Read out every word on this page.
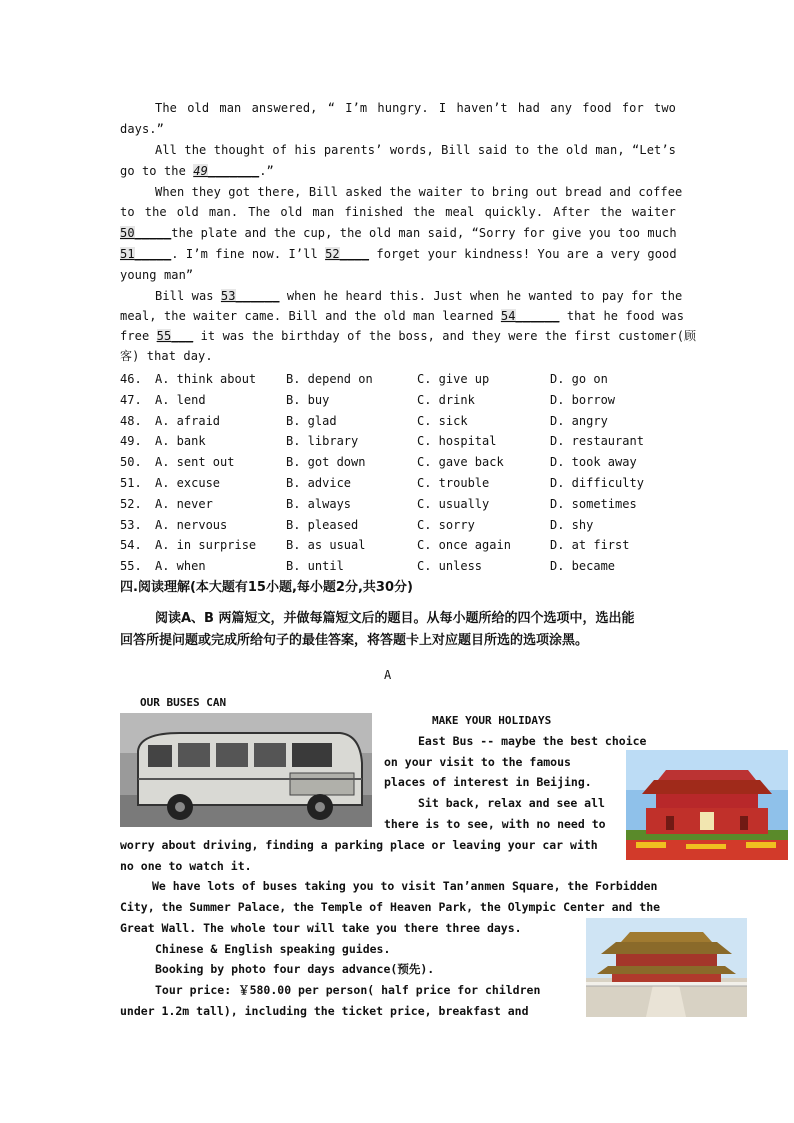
The old man answered, “ I’m hungry. I haven’t had any food for two
days.”
All the thought of his parents’ words, Bill said to the old man, “Let’s
go to the 49_______.”
When they got there, Bill asked the waiter to bring out bread and coffee
to the old man. The old man finished the meal quickly. After the waiter
50_____the plate and the cup, the old man said, “Sorry for give you too much
51_____. I’m fine now. I’ll 52____ forget your kindness! You are a very good
young man”
Bill was 53______ when he heard this. Just when he wanted to pay for the
meal, the waiter came. Bill and the old man learned 54______ that he food was
free 55___ it was the birthday of the boss, and they were the first customer(顾
客) that day.
46. A. think about B. depend on	C. give up	D. go on
47. A. lend	B. buy	C. drink	D. borrow
48. A. afraid	B. glad	C. sick	D. angry
49. A. bank	B. library	C. hospital	D. restaurant
50. A. sent out	B. got down	C. gave back	D. took away
51. A. excuse	B. advice	C. trouble	D. difficulty
52. A. never	B. always	C. usually	D. sometimes
53. A. nervous	B. pleased	C. sorry	D. shy
54. A. in surprise B. as usual	C. once again	D. at first
55. A. when	B. until	C. unless	D. became
四.阅读理解(本大题有15小题,每小题2分,共30分)
阅读A、B 两篇短文，并做每篇短文后的题目。从每小题所给的四个选项中，选出能
回答所提问题或完成所给句子的最佳答案，将答题卡上对应题目所选的选项涂黑。
A
OUR BUSES CAN
MAKE YOUR HOLIDAYS
East Bus -- maybe the best choice
on your visit to the famous
places of interest in Beijing.
Sit back, relax and see all
there is to see, with no need to
worry about driving, finding a parking place or leaving your car with
no one to watch it.
We have lots of buses taking you to visit Tan’anmen Square, the Forbidden
City, the Summer Palace, the Temple of Heaven Park, the Olympic Center and the
Great Wall. The whole tour will take you there three days.
Chinese & English speaking guides.
Booking by photo four days advance(预先).
Tour price: ￥580.00 per person( half price for children
under 1.2m tall), including the ticket price, breakfast and
